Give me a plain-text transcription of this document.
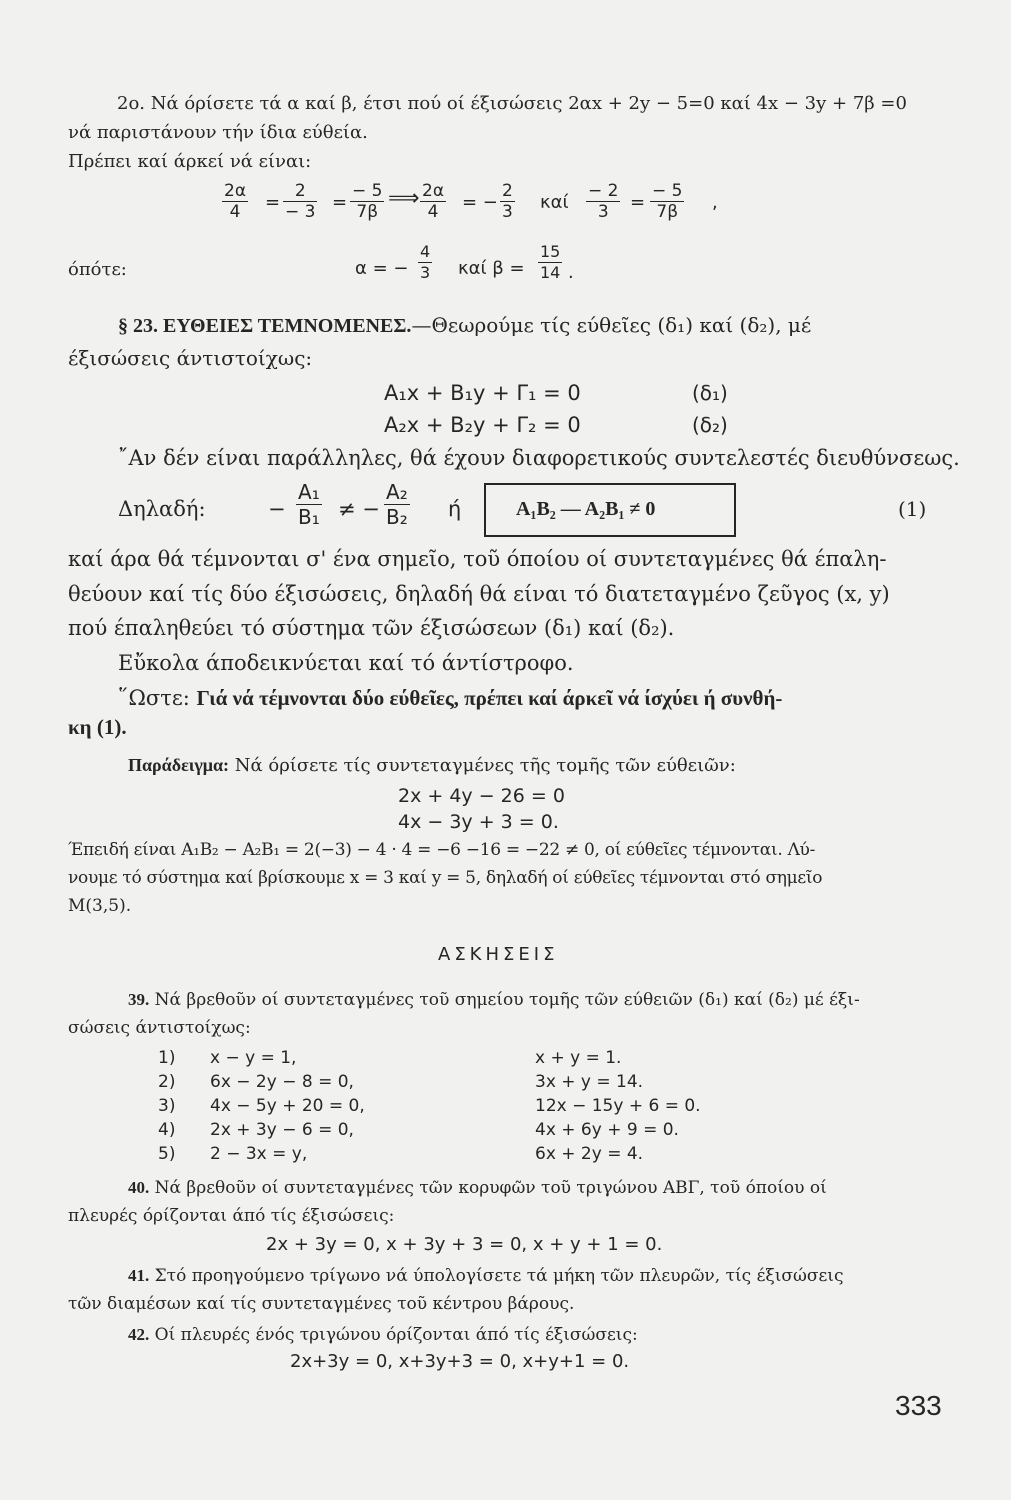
2ο. Νά όρίσετε τά α καί β, έτσι πού οί έξισώσεις 2αx + 2y − 5=0 καί 4x − 3y + 7β =0
νά παριστάνουν τήν ίδια εύθεία.
Πρέπει καί άρκεί νά είναι:
$\frac{2\alpha}{4} = \frac{2}{- 3} = \frac{- 5}{7\beta}$ ⟹ $\frac{2\alpha}{4}$ = − $\frac{2}{3}$ καί $\frac{- 2}{3} = \frac{- 5}{7\beta}$ ,
όπότε:	α = − $\frac{4}{3}$ καί $\beta = \frac{15}{14}$ .
§ 23. ΕΥΘΕΙΕΣ ΤΕΜΝΟΜΕΝΕΣ.—Θεωρούμε τίς εύθεῖες (δ₁) καί (δ₂), μέ
έξισώσεις άντιστοίχως:
A₁x + B₁y + Γ₁ = 0	(δ₁)
A₂x + B₂y + Γ₂ = 0	(δ₂)
῎Αν δέν είναι παράλληλες, θά έχουν διαφορετικούς συντελεστές διευθύνσεως.
Δηλαδή:	− $\frac{\text{A₁}}{\text{B₁}}$ ≠ − $\frac{\text{A₂}}{\text{B₂}}$ ή	A₁B₂ — A₂B₁ ≠ 0	(1)
καί άρα θά τέμνονται σ' ένα σημεῖο, τοῦ όποίου οί συντεταγμένες θά έπαλη-
θεύουν καί τίς δύο έξισώσεις, δηλαδή θά είναι τό διατεταγμένο ζεῦγος (x, y)
πού έπαληθεύει τό σύστημα τῶν έξισώσεων (δ₁) καί (δ₂).
Εὔκολα άποδεικνύεται καί τό άντίστροφο.
῞Ωστε: Γιά νά τέμνονται δύο εύθεῖες, πρέπει καί άρκεῖ νά ίσχύει ή συνθή-
κη (1).
Παράδειγμα: Νά όρίσετε τίς συντεταγμένες τῆς τομῆς τῶν εύθειῶν:
2x + 4y − 26 = 0
4x − 3y + 3 = 0.
Έπειδή είναι A₁B₂ − A₂B₁ = 2(−3) − 4 · 4 = −6 −16 = −22 ≠ 0, οί εύθεῖες τέμνονται. Λύ-
νουμε τό σύστημα καί βρίσκουμε x = 3 καί y = 5, δηλαδή οί εύθεῖες τέμνονται στό σημεῖο
M(3,5).
ΑΣΚΗΣΕΙΣ
39. Νά βρεθοῦν οί συντεταγμένες τοῦ σημείου τομῆς τῶν εύθειῶν (δ₁) καί (δ₂) μέ έξι-
σώσεις άντιστοίχως:
1) x − y = 1,	x + y = 1.
2) 6x − 2y − 8 = 0,	3x + y = 14.
3) 4x − 5y + 20 = 0,	12x − 15y + 6 = 0.
4) 2x + 3y − 6 = 0,	4x + 6y + 9 = 0.
5) 2 − 3x = y,	6x + 2y = 4.
40. Νά βρεθοῦν οί συντεταγμένες τῶν κορυφῶν τοῦ τριγώνου ΑΒΓ, τοῦ όποίου οί
πλευρές όρίζονται άπό τίς έξισώσεις:
2x + 3y = 0, x + 3y + 3 = 0, x + y + 1 = 0.
41. Στό προηγούμενο τρίγωνο νά ύπολογίσετε τά μήκη τῶν πλευρῶν, τίς έξισώσεις
τῶν διαμέσων καί τίς συντεταγμένες τοῦ κέντρου βάρους.
42. Οί πλευρές ένός τριγώνου όρίζονται άπό τίς έξισώσεις:
2x+3y = 0, x+3y+3 = 0, x+y+1 = 0.
333
